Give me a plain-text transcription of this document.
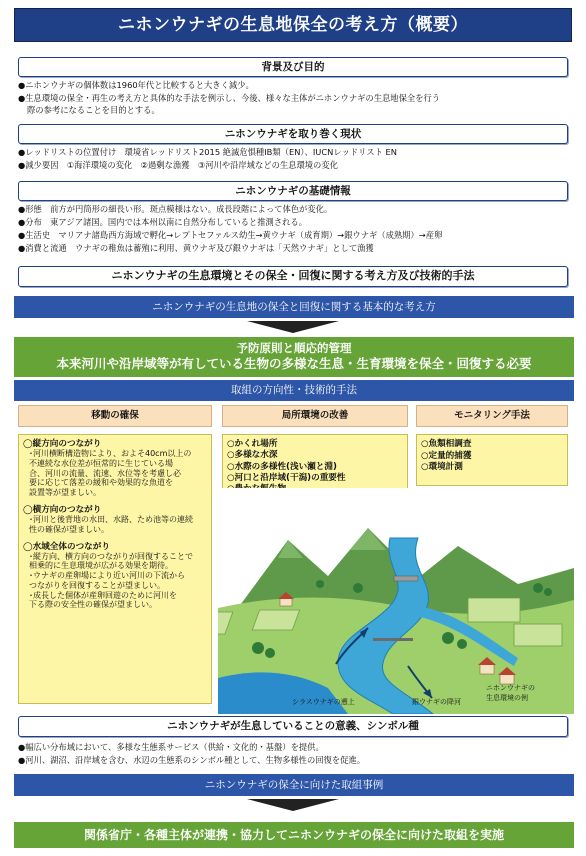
ニホンウナギの生息地保全の考え方（概要）
背景及び目的
●ニホンウナギの個体数は1960年代と比較すると大きく減少。
●生息環境の保全・再生の考え方と具体的な手法を例示し、今後、様々な主体がニホンウナギの生息地保全を行う
際の参考になることを目的とする。
ニホンウナギを取り巻く現状
●レッドリストの位置付け　環境省レッドリスト2015 絶滅危惧種ⅠB類（EN）、IUCNレッドリスト EN
●減少要因　①海洋環境の変化　②過剰な漁獲　③河川や沿岸域などの生息環境の変化
ニホンウナギの基礎情報
●形態　前方が円筒形の細長い形。斑点模様はない。成長段階によって体色が変化。
●分布　東アジア諸国。国内では本州以南に自然分布していると推測される。
●生活史　マリアナ諸島西方海域で孵化→レプトセファルス幼生→黄ウナギ（成育期）→銀ウナギ（成熟期）→産卵
●消費と流通　ウナギの稚魚は蓄殖に利用、黄ウナギ及び銀ウナギは「天然ウナギ」として漁獲
ニホンウナギの生息環境とその保全・回復に関する考え方及び技術的手法
ニホンウナギの生息地の保全と回復に関する基本的な考え方
予防原則と順応的管理
本来河川や沿岸域等が有している生物の多様な生息・生育環境を保全・回復する必要
取組の方向性・技術的手法
移動の確保	局所環境の改善	モニタリング手法
◯縦方向のつながり
･河川横断構造物により、およそ40cm以上の
不連続な水位差が恒常的に生じている場
合、河川の流量、流速、水位等を考慮し必
要に応じて落差の緩和や効果的な魚道を
設置等が望ましい。
◯横方向のつながり
･河川と後背地の水田、水路、ため池等の連続
性の確保が望ましい。
◯水域全体のつながり
･縦方向、横方向のつながりが回復することで
相乗的に生息環境が広がる効果を期待。
･ウナギの産卵場により近い河川の下流から
つながりを回復することが望ましい。
･成長した個体が産卵回遊のために河川を
下る際の安全性の確保が望ましい。
○かくれ場所
○多様な水深
○水際の多様性(浅い瀬と淵)
○河口と沿岸域(干潟)の重要性
○魚類相調査
○定量的捕獲
○環境計測
シラスウナギの遡上	銀ウナギの降河
ニホンウナギの
生息環境の例
ニホンウナギが生息していることの意義、シンボル種
●幅広い分布域において、多様な生態系サービス（供給・文化的・基盤）を提供。
●河川、湖沼、沿岸域を含む、水辺の生態系のシンボル種として、生物多様性の回復を促進。
ニホンウナギの保全に向けた取組事例
関係省庁・各種主体が連携・協力してニホンウナギの保全に向けた取組を実施
